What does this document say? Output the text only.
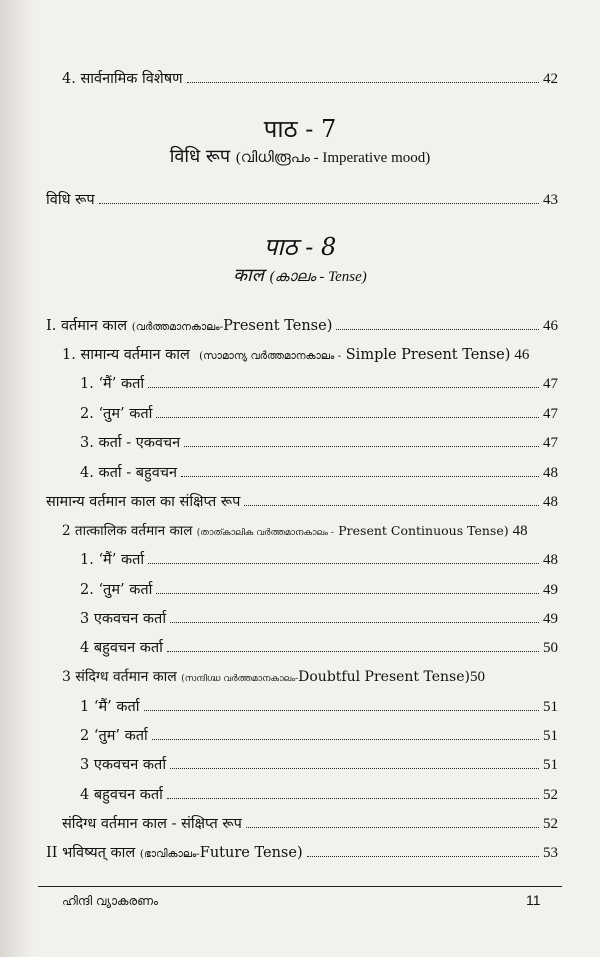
4. सार्वनामिक विशेषण	42
पाठ - 7
विधि रूप (വിധിരൂപം - Imperative mood)
विधि रूप	43
पाठ - 8
काल (കാലം - Tense)
I. वर्तमान काल (വർത്തമാനകാലം-Present Tense)	46
1. सामान्य वर्तमान काल (സാമാന്യ വർത്തമാനകാലം - Simple Present Tense) 46
1. ‘मैं’ कर्ता	47
2. ‘तुम’ कर्ता	47
3. कर्ता - एकवचन	47
4. कर्ता - बहुवचन	48
सामान्य वर्तमान काल का संक्षिप्त रूप	48
2 तात्कालिक वर्तमान काल (താത്കാലിക വർത്തമാനകാലം - Present Continuous Tense) 48
1. ‘मैं’ कर्ता	48
2. ‘तुम’ कर्ता	49
3 एकवचन कर्ता	49
4 बहुवचन कर्ता	50
3 संदिग्ध वर्तमान काल (സന്ദിഗ്ദ്ധ വർത്തമാനകാലം-Doubtful Present Tense) 50
1 ‘मैं’ कर्ता	51
2 ‘तुम’ कर्ता	51
3 एकवचन कर्ता	51
4 बहुवचन कर्ता	52
संदिग्ध वर्तमान काल - संक्षिप्त रूप	52
II भविष्यत् काल (ഭാവികാലം-Future Tense)	53
ഹിന്ദി വ്യാകരണം	11
